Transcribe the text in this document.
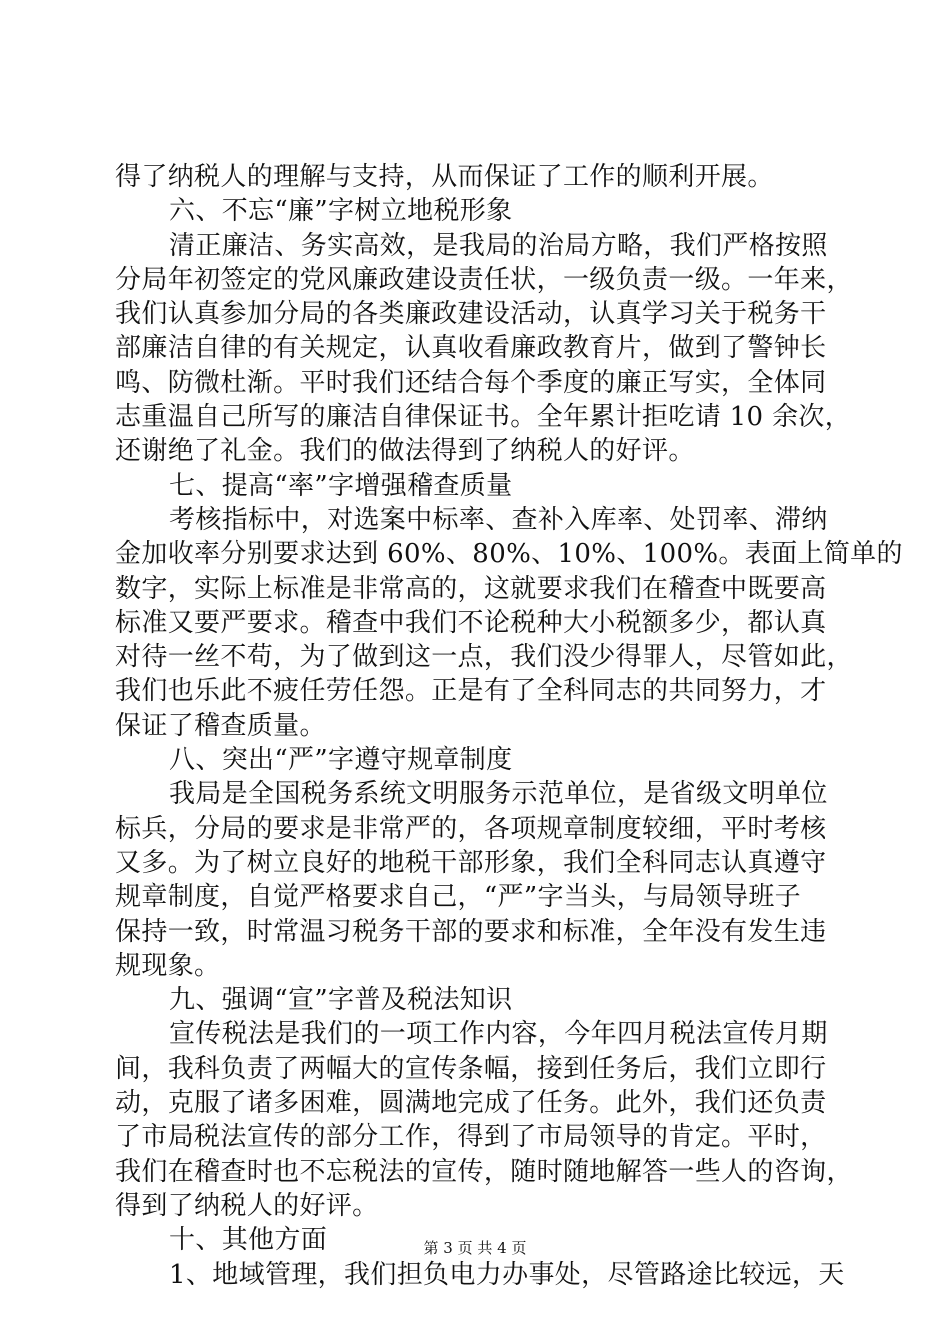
得了纳税人的理解与支持，从而保证了工作的顺利开展。
六、不忘“廉”字树立地税形象
清正廉洁、务实高效，是我局的治局方略，我们严格按照
分局年初签定的党风廉政建设责任状，一级负责一级。一年来，
我们认真参加分局的各类廉政建设活动，认真学习关于税务干
部廉洁自律的有关规定，认真收看廉政教育片，做到了警钟长
鸣、防微杜渐。平时我们还结合每个季度的廉正写实，全体同
志重温自己所写的廉洁自律保证书。全年累计拒吃请 10 余次，
还谢绝了礼金。我们的做法得到了纳税人的好评。
七、提高“率”字增强稽查质量
考核指标中，对选案中标率、查补入库率、处罚率、滞纳
金加收率分别要求达到 60%、80%、10%、100%。表面上简单的
数字，实际上标准是非常高的，这就要求我们在稽查中既要高
标准又要严要求。稽查中我们不论税种大小税额多少，都认真
对待一丝不苟，为了做到这一点，我们没少得罪人，尽管如此，
我们也乐此不疲任劳任怨。正是有了全科同志的共同努力，才
保证了稽查质量。
八、突出“严”字遵守规章制度
我局是全国税务系统文明服务示范单位，是省级文明单位
标兵，分局的要求是非常严的，各项规章制度较细，平时考核
又多。为了树立良好的地税干部形象，我们全科同志认真遵守
规章制度，自觉严格要求自己，“严”字当头，与局领导班子
保持一致，时常温习税务干部的要求和标准，全年没有发生违
规现象。
九、强调“宣”字普及税法知识
宣传税法是我们的一项工作内容，今年四月税法宣传月期
间，我科负责了两幅大的宣传条幅，接到任务后，我们立即行
动，克服了诸多困难，圆满地完成了任务。此外，我们还负责
了市局税法宣传的部分工作，得到了市局领导的肯定。平时，
我们在稽查时也不忘税法的宣传，随时随地解答一些人的咨询，
得到了纳税人的好评。
十、其他方面
1、地域管理，我们担负电力办事处，尽管路途比较远，天
第 3 页 共 4 页
